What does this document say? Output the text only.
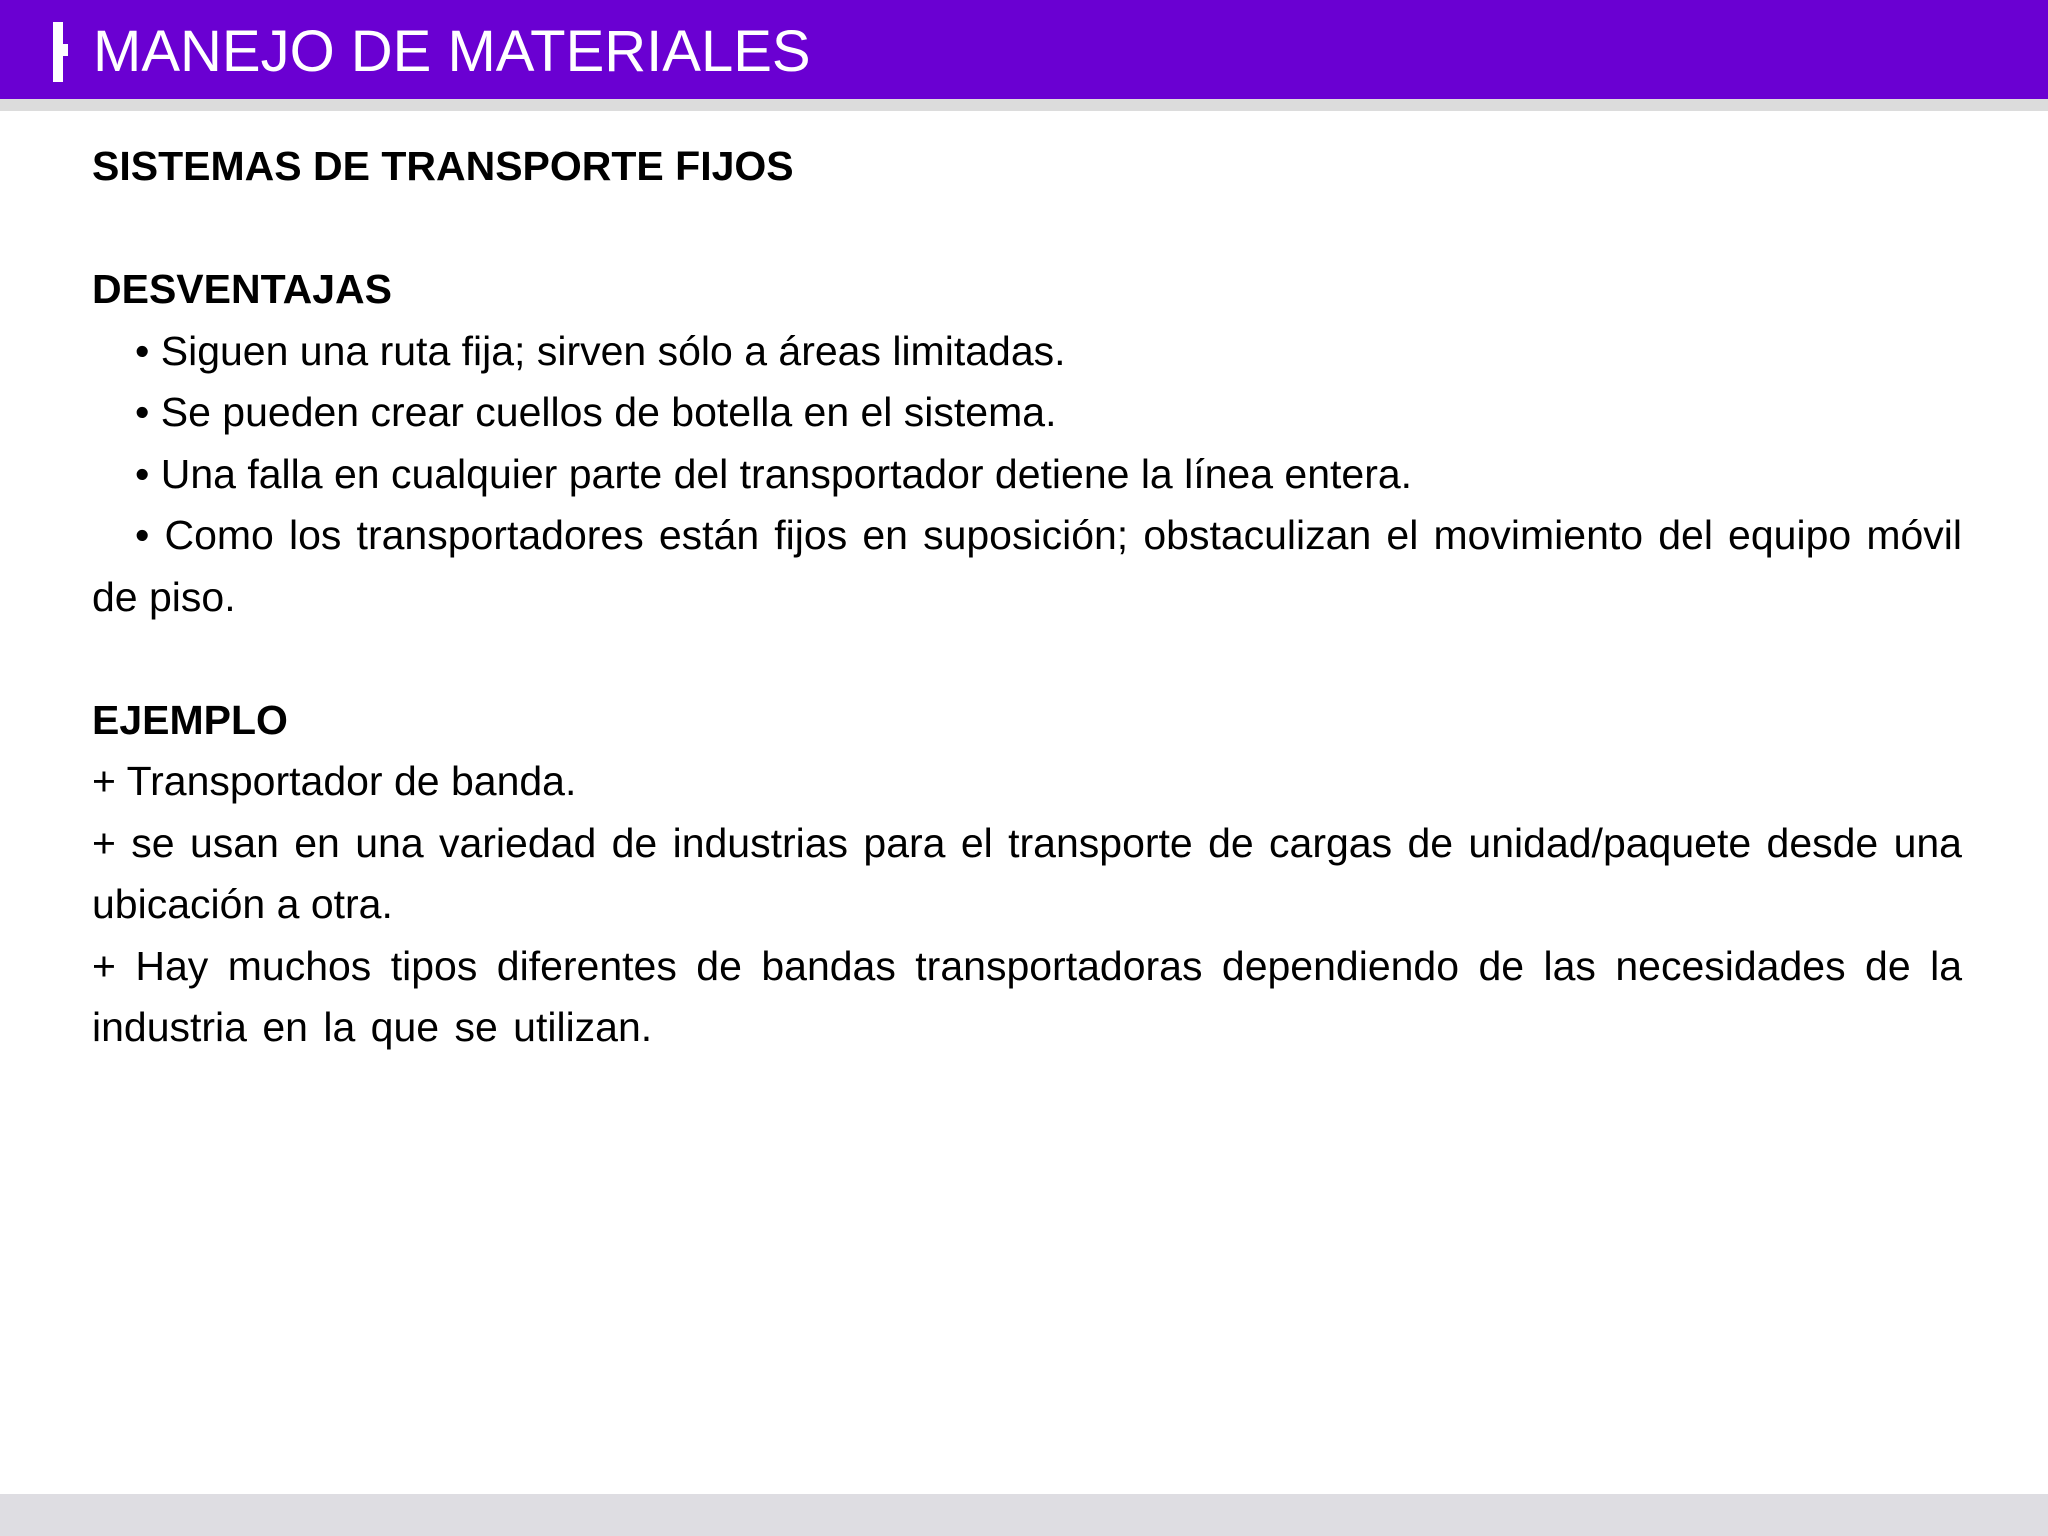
MANEJO DE MATERIALES
SISTEMAS DE TRANSPORTE FIJOS
DESVENTAJAS
• Siguen una ruta fija; sirven sólo a áreas limitadas.
• Se pueden crear cuellos de botella en el sistema.
• Una falla en cualquier parte del transportador detiene la línea entera.
• Como los transportadores están fijos en suposición; obstaculizan el movimiento del equipo móvil de piso.
EJEMPLO
+ Transportador de banda.
+ se usan en una variedad de industrias para el transporte de cargas de unidad/paquete desde una ubicación a otra.
+ Hay muchos tipos diferentes de bandas transportadoras dependiendo de las necesidades de la industria en la que se utilizan.
